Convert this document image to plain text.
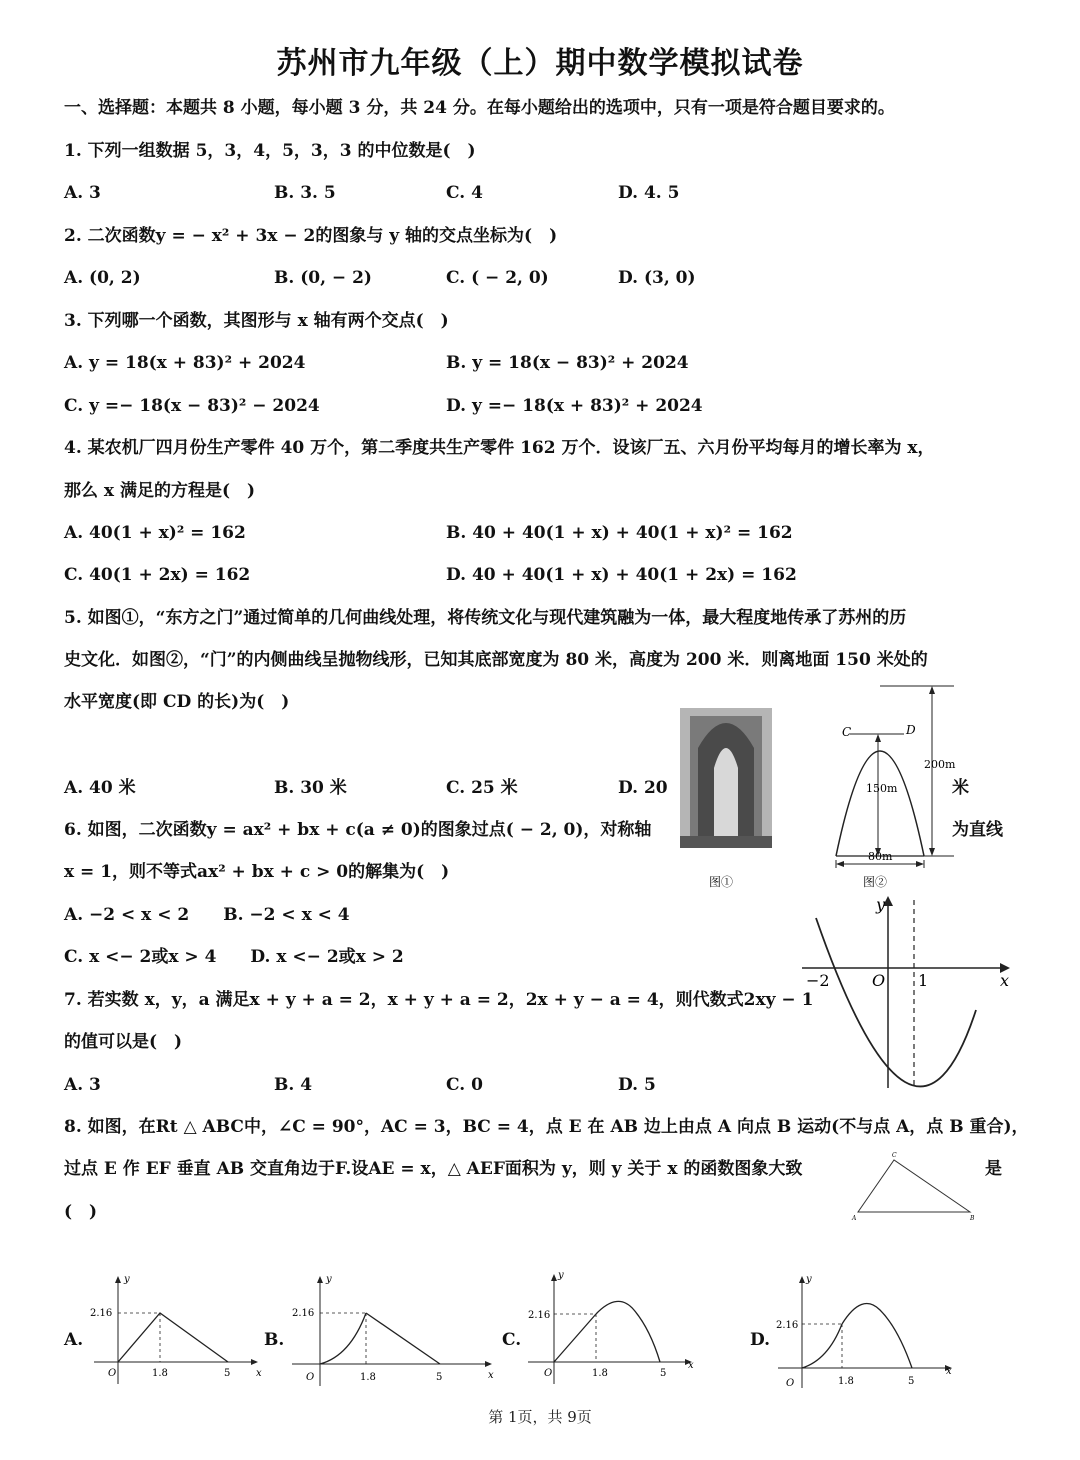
苏州市九年级（上）期中数学模拟试卷
一、选择题：本题共 8 小题，每小题 3 分，共 24 分。在每小题给出的选项中，只有一项是符合题目要求的。
1. 下列一组数据 5，3，4，5，3，3 的中位数是(　)
A. 3	B. 3. 5	C. 4	D. 4. 5
2. 二次函数y = − x² + 3x − 2的图象与 y 轴的交点坐标为(　)
A. (0, 2)	B. (0, − 2)	C. ( − 2, 0)	D. (3, 0)
3. 下列哪一个函数，其图形与 x 轴有两个交点(　)
A. y = 18(x + 83)² + 2024	B. y = 18(x − 83)² + 2024
C. y =− 18(x − 83)² − 2024	D. y =− 18(x + 83)² + 2024
4. 某农机厂四月份生产零件 40 万个，第二季度共生产零件 162 万个．设该厂五、六月份平均每月的增长率为 x，
那么 x 满足的方程是(　)
A. 40(1 + x)² = 162	B. 40 + 40(1 + x) + 40(1 + x)² = 162
C. 40(1 + 2x) = 162	D. 40 + 40(1 + x) + 40(1 + 2x) = 162
5. 如图①，“东方之门”通过简单的几何曲线处理，将传统文化与现代建筑融为一体，最大程度地传承了苏州的历
史文化．如图②，“门”的内侧曲线呈抛物线形，已知其底部宽度为 80 米，高度为 200 米．则离地面 150 米处的
水平宽度(即 CD 的长)为(　)
A. 40 米	B. 30 米	C. 25 米	D. 20	米
图①
C	D
200m
150m
80m
图②
6. 如图，二次函数y = ax² + bx + c(a ≠ 0)的图象过点( − 2, 0)，对称轴	为直线
x = 1，则不等式ax² + bx + c > 0的解集为(　)
A. −2 < x < 2　　B. −2 < x < 4
C. x <− 2或x > 4　　D. x <− 2或x > 2
y
x
O
−2	1
7. 若实数 x，y，a 满足x + y + a = 2，x + y + a = 2，2x + y − a = 4，则代数式2xy − 1
的值可以是(　)
A. 3	B. 4	C. 0	D. 5
8. 如图，在Rt △ ABC中，∠C = 90°，AC = 3，BC = 4，点 E 在 AB 边上由点 A 向点 B 运动(不与点 A，点 B 重合)，
过点 E 作 EF 垂直 AB 交直角边于F.设AE = x，△ AEF面积为 y，则 y 关于 x 的函数图象大致	是
(　)	A	B
C
A.
y
x
O
2.16
1.8	5
B.
y
x
O
2.16
1.8	5
C.
y
x
O
2.16
1.8	5
D.
y
x
O
2.16
1.8	5
第 1页，共 9页
